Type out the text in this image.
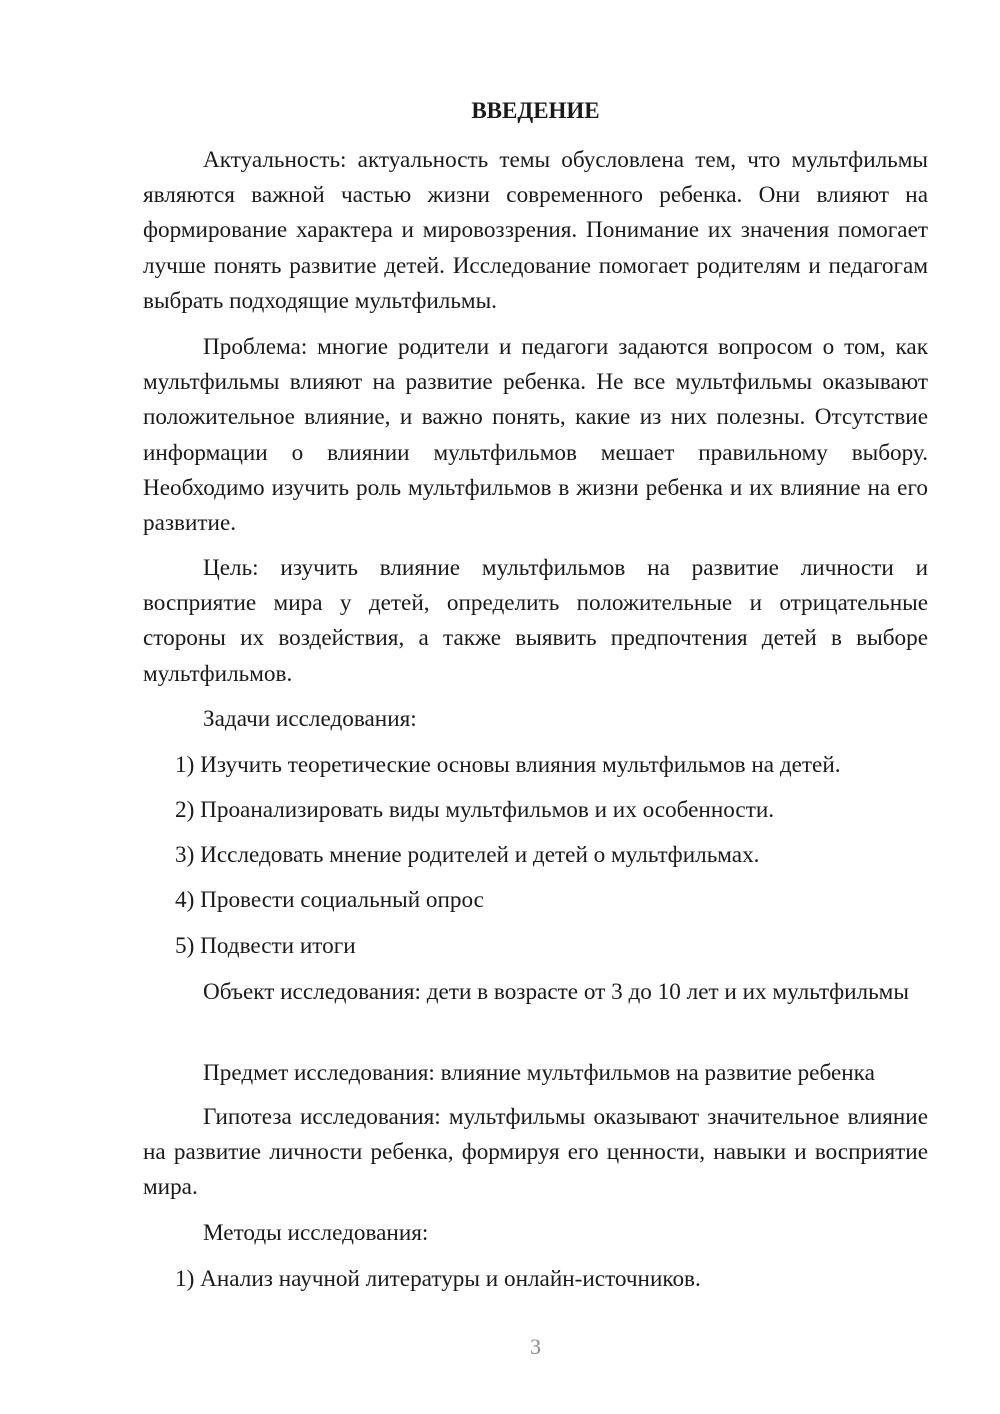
ВВЕДЕНИЕ

Актуальность: актуальность темы обусловлена тем, что мультфильмы являются важной частью жизни современного ребенка. Они влияют на формирование характера и мировоззрения. Понимание их значения помогает лучше понять развитие детей. Исследование помогает родителям и педагогам выбрать подходящие мультфильмы.

Проблема: многие родители и педагоги задаются вопросом о том, как мультфильмы влияют на развитие ребенка. Не все мультфильмы оказывают положительное влияние, и важно понять, какие из них полезны. Отсутствие информации о влиянии мультфильмов мешает правильному выбору. Необходимо изучить роль мультфильмов в жизни ребенка и их влияние на его развитие.

Цель: изучить влияние мультфильмов на развитие личности и восприятие мира у детей, определить положительные и отрицательные стороны их воздействия, а также выявить предпочтения детей в выборе мультфильмов.

Задачи исследования:
1) Изучить теоретические основы влияния мультфильмов на детей.
2) Проанализировать виды мультфильмов и их особенности.
3) Исследовать мнение родителей и детей о мультфильмах.
4) Провести социальный опрос
5) Подвести итоги

Объект исследования: дети в возрасте от 3 до 10 лет и их мультфильмы

Предмет исследования: влияние мультфильмов на развитие ребенка

Гипотеза исследования: мультфильмы оказывают значительное влияние на развитие личности ребенка, формируя его ценности, навыки и восприятие мира.

Методы исследования:
1) Анализ научной литературы и онлайн-источников.
3
